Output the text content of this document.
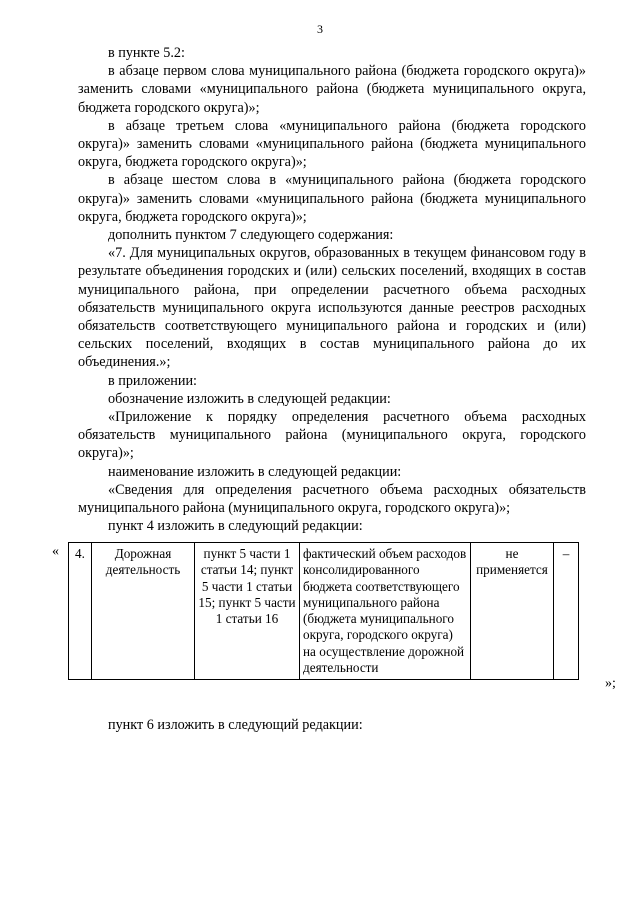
3

в пункте 5.2:

в абзаце первом слова муниципального района (бюджета городского округа)» заменить словами «муниципального района (бюджета муниципального округа, бюджета городского округа)»;

в абзаце третьем слова «муниципального района (бюджета городского округа)» заменить словами «муниципального района (бюджета муниципального округа, бюджета городского округа)»;

в абзаце шестом слова в «муниципального района (бюджета городского округа)» заменить словами «муниципального района (бюджета муниципального округа, бюджета городского округа)»;

дополнить пунктом 7 следующего содержания:

«7. Для муниципальных округов, образованных в текущем финансовом году в результате объединения городских и (или) сельских поселений, входящих в состав муниципального района, при определении расчетного объема расходных обязательств муниципального округа используются данные реестров расходных обязательств соответствующего муниципального района и городских и (или) сельских поселений, входящих в состав муниципального района до их объединения.»;

в приложении:

обозначение изложить в следующей редакции:

«Приложение к порядку определения расчетного объема расходных обязательств муниципального района (муниципального округа, городского округа)»;

наименование изложить в следующей редакции:

«Сведения для определения расчетного объема расходных обязательств муниципального района (муниципального округа, городского округа)»;

пункт 4 изложить в следующий редакции:

« 4.	Дорожная деятельность	пункт 5 части 1 статьи 14; пункт 5 части 1 статьи 15; пункт 5 части 1 статьи 16	фактический объем расходов консолидированного бюджета соответствующего муниципального района (бюджета муниципального округа, городского округа) на осуществление дорожной деятельности	не применяется	–
»;

пункт 6 изложить в следующий редакции:
